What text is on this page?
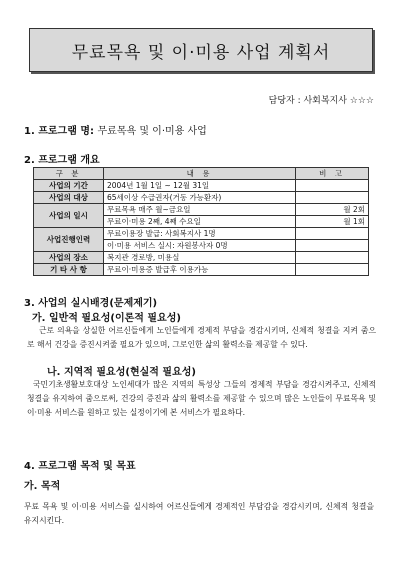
무료목욕 및 이·미용 사업 계획서
담당자 : 사회복지사 ☆☆☆
1. 프로그램 명: 무료목욕 및 이·미용 사업
2. 프로그램 개요
구 분	내 용	비 고
사업의 기간	2004년 1월 1일 ~ 12월 31일	
사업의 대상	65세이상 수급권자(거동 가능환자)	
사업의 일시	무료목욕 매주 월~금요일	월 2회
	무료이·미용 2째, 4째 수요일	월 1회
사업진행인력	무료이용장 발급: 사회복지사 1명	
	이·미용 서비스 실시: 자원봉사자 0명	
사업의 장소	복지관 경로방, 미용실	
기 타 사 항	무료이·미용증 발급후 이용가능	
3. 사업의 실시배경(문제제기)
가. 일반적 필요성(이론적 필요성)
근로 의욕을 상실한 어르신들에게 노인들에게 경제적 부담을 경감시키며, 신체적 청결을 지켜 줌으로 해서 건강을 증진시켜줄 필요가 있으며, 그로인한 삶의 활력소를 제공할 수 있다.
나. 지역적 필요성(현실적 필요성)
국민기초생활보호대상 노인세대가 많은 지역의 특성상 그들의 경제적 부담을 경감시켜주고, 신체적 청결을 유지하여 줌으로써, 건강의 증진과 삶의 활력소를 제공할 수 있으며 많은 노인들이 무료목욕 및 이·미용 서비스를 원하고 있는 실정이기에 본 서비스가 필요하다.
4. 프로그램 목적 및 목표
가. 목적
무료 목욕 및 이·미용 서비스를 실시하여 어르신들에게 경제적인 부담감을 경감시키며, 신체적 청결을 유지시킨다.
